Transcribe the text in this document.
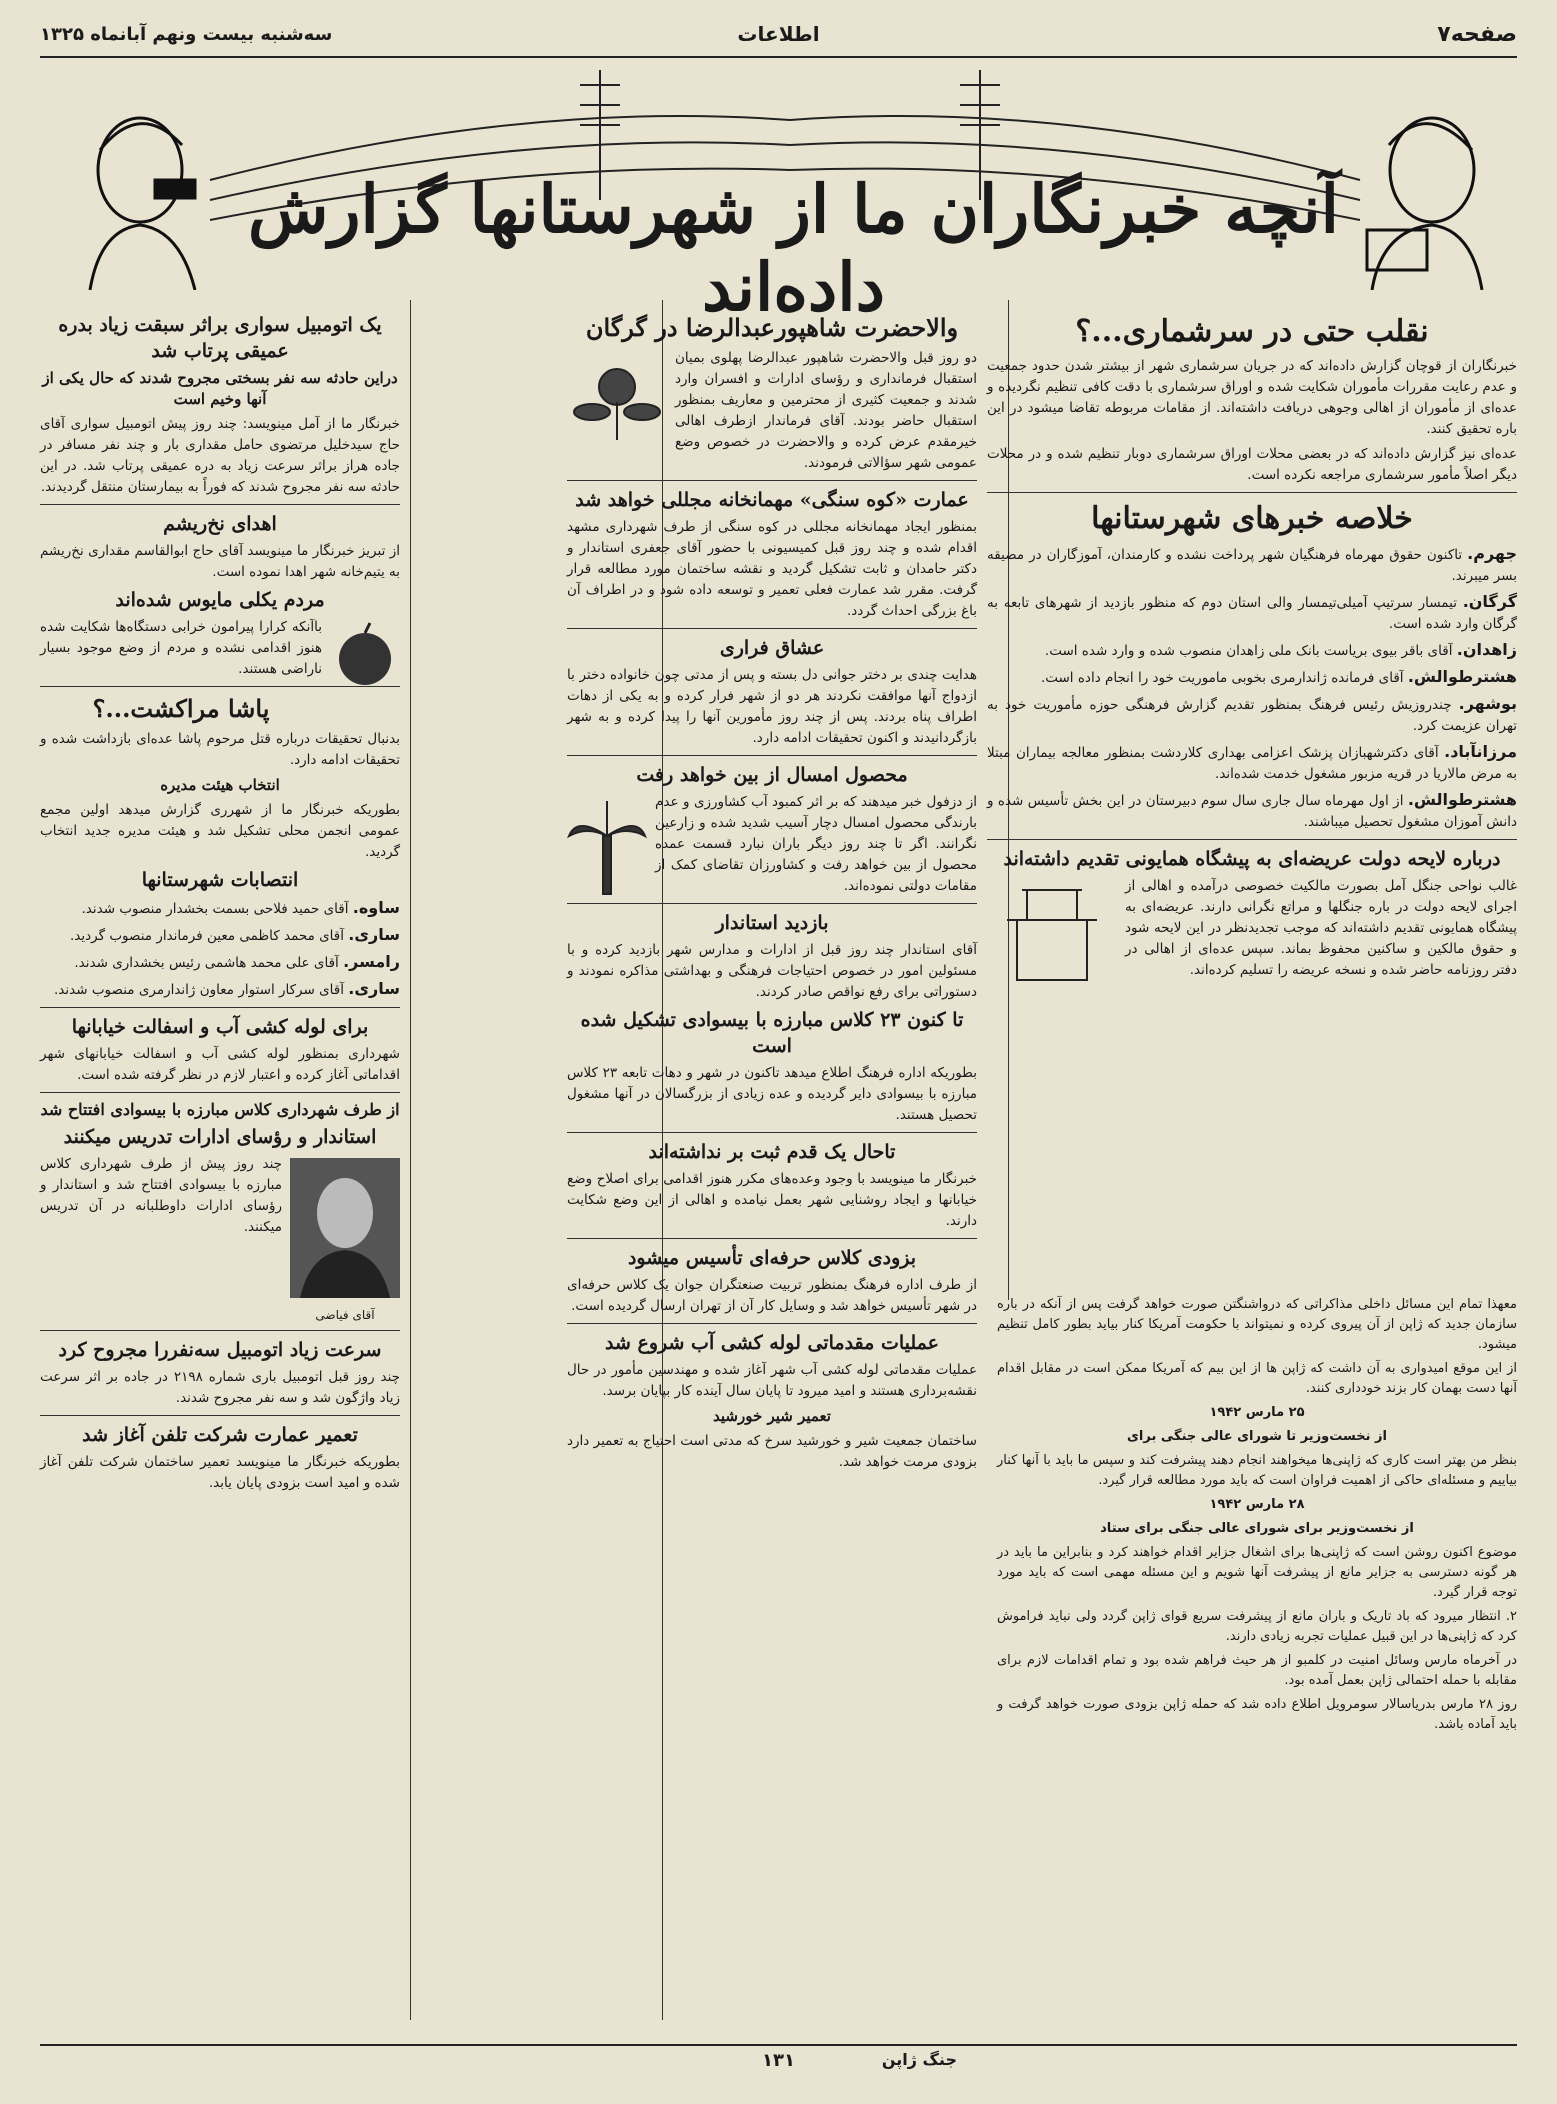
صفحه۷
اطلاعات
سه‌شنبه بیست ونهم آبانماه ۱۳۲۵
آنچه خبرنگاران ما از شهرستانها گزارش داده‌اند
نقلب حتی در سرشماری...؟

خبرنگاران از قوچان گزارش داده‌اند که در جریان سرشماری شهر از بیشتر شدن حدود جمعیت و عدم رعایت مقررات مأموران شکایت شده و اوراق سرشماری با دقت کافی تنظیم نگردیده و عده‌ای از مأموران از اهالی وجوهی دریافت داشته‌اند. از مقامات مربوطه تقاضا میشود در این باره تحقیق کنند.

عده‌ای نیز گزارش داده‌اند که در بعضی محلات اوراق سرشماری دوبار تنظیم شده و در محلات دیگر اصلاً مأمور سرشماری مراجعه نکرده است.

خلاصه خبرهای شهرستانها

جهرم. تاکنون حقوق مهرماه فرهنگیان شهر پرداخت نشده و کارمندان، آموزگاران در مضیقه بسر میبرند.

گرگان. تیمسار سرتیپ آمیلی‌تیمسار والی استان دوم که منظور بازدید از شهرهای تابعه به گرگان وارد شده است.

زاهدان. آقای باقر بیوی بریاست بانک ملی زاهدان منصوب شده و وارد شده است.

هشترطوالش. آقای فرمانده ژاندارمری بخوبی ماموریت خود را انجام داده است.

بوشهر. چندروزیش رئیس فرهنگ بمنظور تقدیم گزارش فرهنگی حوزه مأموریت خود به تهران عزیمت کرد.

مرزانآباد. آقای دکترشهبازان پزشک اعزامی بهداری کلاردشت بمنظور معالجه بیماران مبتلا به مرض مالاریا در قریه مزبور مشغول خدمت شده‌اند.

هشترطوالش. از اول مهرماه سال جاری سال سوم دبیرستان در این بخش تأسیس شده و دانش آموزان مشغول تحصیل میباشند.

درباره لایحه دولت عریضه‌ای به پیشگاه همایونی تقدیم داشته‌اند

غالب نواحی جنگل آمل بصورت مالکیت خصوصی درآمده و اهالی از اجرای لایحه دولت در باره جنگلها و مراتع نگرانی دارند. عریضه‌ای به پیشگاه همایونی تقدیم داشته‌اند که موجب تجدیدنظر در این لایحه شود و حقوق مالکین و ساکنین محفوظ بماند. سپس عده‌ای از اهالی در دفتر روزنامه حاضر شده و نسخه عریضه را تسلیم کرده‌اند.

معهذا تمام این مسائل داخلی مذاکراتی که درواشنگتن صورت خواهد گرفت پس از آنکه در باره سازمان جدید که ژاپن از آن پیروی کرده و نمیتواند با حکومت آمریکا کنار بیاید بطور کامل تنظیم میشود.

از این موقع امیدواری به آن داشت که ژاپن ها از این بیم که آمریکا ممکن است در مقابل اقدام آنها دست بهمان کار بزند خودداری کنند.

۲۵ مارس ۱۹۴۲

از نخست‌وزیر تا شورای عالی جنگی برای

بنظر من بهتر است کاری که ژاپنی‌ها میخواهند انجام دهند پیشرفت کند و سپس ما باید با آنها کنار بیاییم و مسئله‌ای حاکی از اهمیت فراوان است که باید مورد مطالعه قرار گیرد.

۲۸ مارس ۱۹۴۲

از نخست‌وزیر برای شورای عالی جنگی برای ستاد

موضوع اکنون روشن است که ژاپنی‌ها برای اشغال جزایر اقدام خواهند کرد و بنابراین ما باید در هر گونه دسترسی به جزایر مانع از پیشرفت آنها شویم و این مسئله مهمی است که باید مورد توجه قرار گیرد.

۲. انتظار میرود که باد تاریک و باران مانع از پیشرفت سریع قوای ژاپن گردد ولی نباید فراموش کرد که ژاپنی‌ها در این قبیل عملیات تجربه زیادی دارند.

در آخرماه مارس وسائل امنیت در کلمبو از هر حیث فراهم شده بود و تمام اقدامات لازم برای مقابله با حمله احتمالی ژاپن بعمل آمده بود.

روز ۲۸ مارس بدریاسالار سومرویل اطلاع داده شد که حمله ژاپن بزودی صورت خواهد گرفت و باید آماده باشد.

والاحضرت شاهپورعبدالرضا در گرگان

دو روز قبل والاحضرت شاهپور عبدالرضا پهلوی بمیان استقبال فرمانداری و رؤسای ادارات و افسران وارد شدند و جمعیت کثیری از محترمین و معاریف بمنظور استقبال حاضر بودند. آقای فرماندار ازطرف اهالی خیرمقدم عرض کرده و والاحضرت در خصوص وضع عمومی شهر سؤالاتی فرمودند.

عمارت «کوه سنگی» مهمانخانه مجللی خواهد شد

بمنظور ایجاد مهمانخانه مجللی در کوه سنگی از طرف شهرداری مشهد اقدام شده و چند روز قبل کمیسیونی با حضور آقای جعفری استاندار و دکتر حامدان و ثابت تشکیل گردید و نقشه ساختمان مورد مطالعه قرار گرفت. مقرر شد عمارت فعلی تعمیر و توسعه داده شود و در اطراف آن باغ بزرگی احداث گردد.

عشاق فراری

هدایت چندی بر دختر جوانی دل بسته و پس از مدتی چون خانواده دختر با ازدواج آنها موافقت نکردند هر دو از شهر فرار کرده و به یکی از دهات اطراف پناه بردند. پس از چند روز مأمورین آنها را پیدا کرده و به شهر بازگردانیدند و اکنون تحقیقات ادامه دارد.

محصول امسال از بین خواهد رفت

از دزفول خبر میدهند که بر اثر کمبود آب کشاورزی و عدم بارندگی محصول امسال دچار آسیب شدید شده و زارعین نگرانند. اگر تا چند روز دیگر باران نبارد قسمت عمده محصول از بین خواهد رفت و کشاورزان تقاضای کمک از مقامات دولتی نموده‌اند.

بازدید استاندار

آقای استاندار چند روز قبل از ادارات و مدارس شهر بازدید کرده و با مسئولین امور در خصوص احتیاجات فرهنگی و بهداشتی مذاکره نمودند و دستوراتی برای رفع نواقص صادر کردند.

تا کنون ۲۳ کلاس مبارزه با بیسوادی تشکیل شده است

بطوریکه اداره فرهنگ اطلاع میدهد تاکنون در شهر و دهات تابعه ۲۳ کلاس مبارزه با بیسوادی دایر گردیده و عده زیادی از بزرگسالان در آنها مشغول تحصیل هستند.

تاحال یک قدم ثبت بر نداشته‌اند

خبرنگار ما مینویسد با وجود وعده‌های مکرر هنوز اقدامی برای اصلاح وضع خیابانها و ایجاد روشنایی شهر بعمل نیامده و اهالی از این وضع شکایت دارند.

بزودی کلاس حرفه‌ای تأسیس میشود

از طرف اداره فرهنگ بمنظور تربیت صنعتگران جوان یک کلاس حرفه‌ای در شهر تأسیس خواهد شد و وسایل کار آن از تهران ارسال گردیده است.

عملیات مقدماتی لوله کشی آب شروع شد

عملیات مقدماتی لوله کشی آب شهر آغاز شده و مهندسین مأمور در حال نقشه‌برداری هستند و امید میرود تا پایان سال آینده کار بپایان برسد.

تعمیر شیر خورشید

ساختمان جمعیت شیر و خورشید سرخ که مدتی است احتیاج به تعمیر دارد بزودی مرمت خواهد شد.

یک اتومبیل سواری براثر سبقت زیاد بدره عمیقی پرتاب شد
دراین حادثه سه نفر بسختی مجروح شدند که حال یکی از آنها وخیم است

خبرنگار ما از آمل مینویسد: چند روز پیش اتومبیل سواری آقای حاج سیدخلیل مرتضوی حامل مقداری بار و چند نفر مسافر در جاده هراز براثر سرعت زیاد به دره عمیقی پرتاب شد. در این حادثه سه نفر مجروح شدند که فوراً به بیمارستان منتقل گردیدند.

اهدای نخ‌ریشم

از تبریز خبرنگار ما مینویسد آقای حاج ابوالقاسم مقداری نخ‌ریشم به یتیم‌خانه شهر اهدا نموده است.

مردم یکلی مایوس شده‌اند

باآنکه کرارا پیرامون خرابی دستگاه‌ها شکایت شده هنوز اقدامی نشده و مردم از وضع موجود بسیار ناراضی هستند.

پاشا مراکشت...؟

بدنبال تحقیقات درباره قتل مرحوم پاشا عده‌ای بازداشت شده و تحقیقات ادامه دارد.

انتخاب هیئت مدیره

بطوریکه خبرنگار ما از شهرری گزارش میدهد اولین مجمع عمومی انجمن محلی تشکیل شد و هیئت مدیره جدید انتخاب گردید.

انتصابات شهرستانها

ساوه. آقای حمید فلاحی بسمت بخشدار منصوب شدند.

ساری. آقای محمد کاظمی معین فرماندار منصوب گردید.

رامسر. آقای علی محمد هاشمی رئیس بخشداری شدند.

ساری. آقای سرکار استوار معاون ژاندارمری منصوب شدند.

برای لوله کشی آب و اسفالت خیابانها

شهرداری بمنظور لوله کشی آب و اسفالت خیابانهای شهر اقداماتی آغاز کرده و اعتبار لازم در نظر گرفته شده است.

از طرف شهرداری کلاس مبارزه با بیسوادی افتتاح شد
استاندار و رؤسای ادارات تدریس میکنند
آقای فیاضی

چند روز پیش از طرف شهرداری کلاس مبارزه با بیسوادی افتتاح شد و استاندار و رؤسای ادارات داوطلبانه در آن تدریس میکنند.

سرعت زیاد اتومبیل سه‌نفررا مجروح کرد

چند روز قبل اتومبیل باری شماره ۲۱۹۸ در جاده بر اثر سرعت زیاد واژگون شد و سه نفر مجروح شدند.

تعمیر عمارت شرکت تلفن آغاز شد

بطوریکه خبرنگار ما مینویسد تعمیر ساختمان شرکت تلفن آغاز شده و امید است بزودی پایان یابد.

جنگ ژاپن
۱۳۱
